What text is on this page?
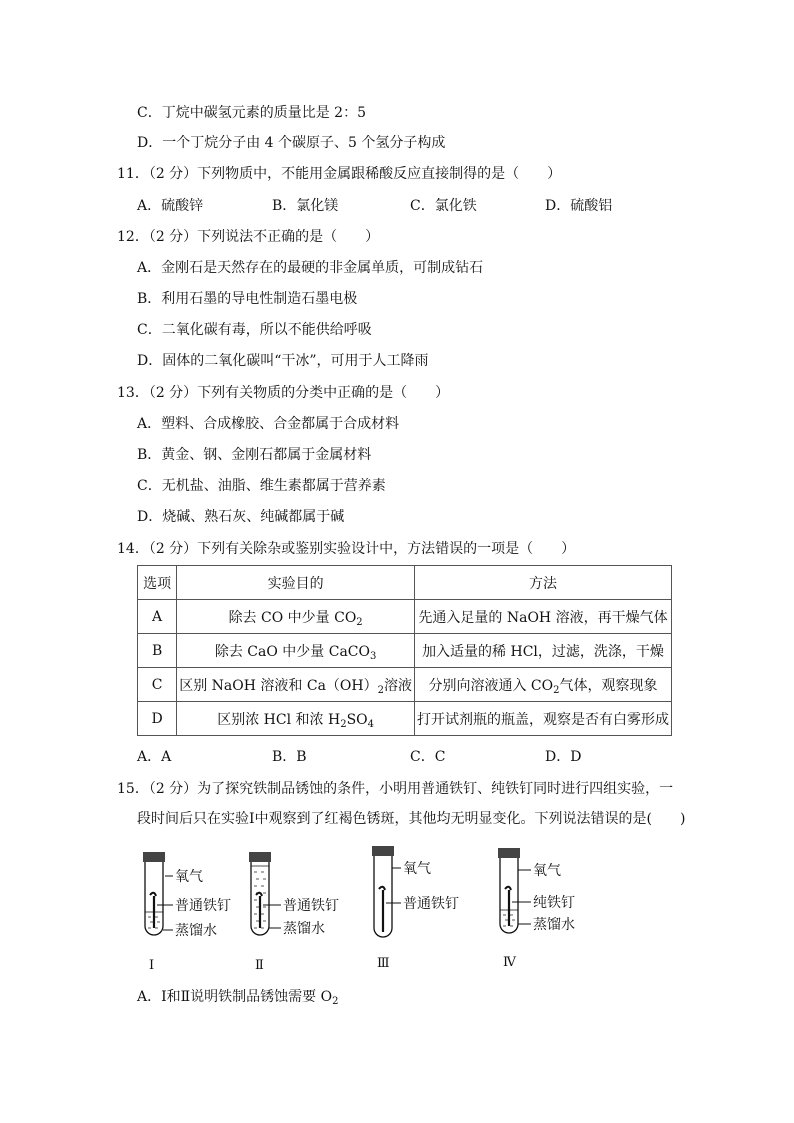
C．丁烷中碳氢元素的质量比是 2：5
D．一个丁烷分子由 4 个碳原子、5 个氢分子构成
11．（2 分）下列物质中，不能用金属跟稀酸反应直接制得的是（　　）
A．硫酸锌	B．氯化镁	C．氯化铁	D．硫酸铝
12．（2 分）下列说法不正确的是（　　）
A．金刚石是天然存在的最硬的非金属单质，可制成钻石
B．利用石墨的导电性制造石墨电极
C．二氧化碳有毒，所以不能供给呼吸
D．固体的二氧化碳叫“干冰”，可用于人工降雨
13．（2 分）下列有关物质的分类中正确的是（　　）
A．塑料、合成橡胶、合金都属于合成材料
B．黄金、钢、金刚石都属于金属材料
C．无机盐、油脂、维生素都属于营养素
D．烧碱、熟石灰、纯碱都属于碱
14．（2 分）下列有关除杂或鉴别实验设计中，方法错误的一项是（　　）
选项	实验目的	方法
A	除去 CO 中少量 $CO_2$	先通入足量的 NaOH 溶液，再干燥气体
B	除去 CaO 中少量 CaCO$_3$	加入适量的稀 HCl，过滤，洗涤，干燥
C	区别 NaOH 溶液和 $Ca(OH)_2$溶液	分别向溶液通入 $CO_2$气体，观察现象
D	区别浓 HCl 和浓 $H_2SO_4$	打开试剂瓶的瓶盖，观察是否有白雾形成
A．A	B．B	C．C	D．D
15．（2 分）为了探究铁制品锈蚀的条件，小明用普通铁钉、纯铁钉同时进行四组实验，一
段时间后只在实验Ⅰ中观察到了红褐色锈斑，其他均无明显变化。下列说法错误的是(　　)
氧气
普通铁钉
蒸馏水
Ⅰ
普通铁钉
蒸馏水
Ⅱ
氧气
普通铁钉
Ⅲ
氧气
纯铁钉
蒸馏水
Ⅳ
A．Ⅰ和Ⅱ说明铁制品锈蚀需要 $O_2$
